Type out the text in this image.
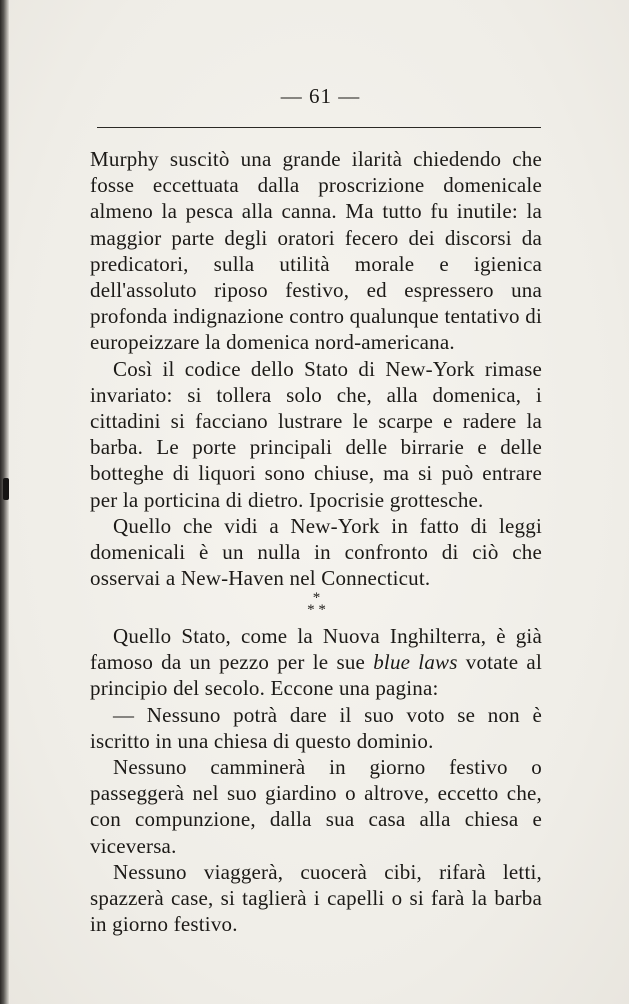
— 61 —

Murphy suscitò una grande ilarità chiedendo che fosse eccettuata dalla proscrizione domenicale almeno la pesca alla canna. Ma tutto fu inutile: la maggior parte degli oratori fecero dei discorsi da predicatori, sulla utilità morale e igienica dell'assoluto riposo festivo, ed espressero una profonda indignazione contro qualunque tentativo di europeizzare la domenica nord-americana.

Così il codice dello Stato di New-York rimase invariato: si tollera solo che, alla domenica, i cittadini si facciano lustrare le scarpe e radere la barba. Le porte principali delle birrarie e delle botteghe di liquori sono chiuse, ma si può entrare per la porticina di dietro. Ipocrisie grottesche.

Quello che vidi a New-York in fatto di leggi domenicali è un nulla in confronto di ciò che osservai a New-Haven nel Connecticut.

*
* *

Quello Stato, come la Nuova Inghilterra, è già famoso da un pezzo per le sue blue laws votate al principio del secolo. Eccone una pagina:

— Nessuno potrà dare il suo voto se non è iscritto in una chiesa di questo dominio.

Nessuno camminerà in giorno festivo o passeggerà nel suo giardino o altrove, eccetto che, con compunzione, dalla sua casa alla chiesa e viceversa.

Nessuno viaggerà, cuocerà cibi, rifarà letti, spazzerà case, si taglierà i capelli o si farà la barba in giorno festivo.
